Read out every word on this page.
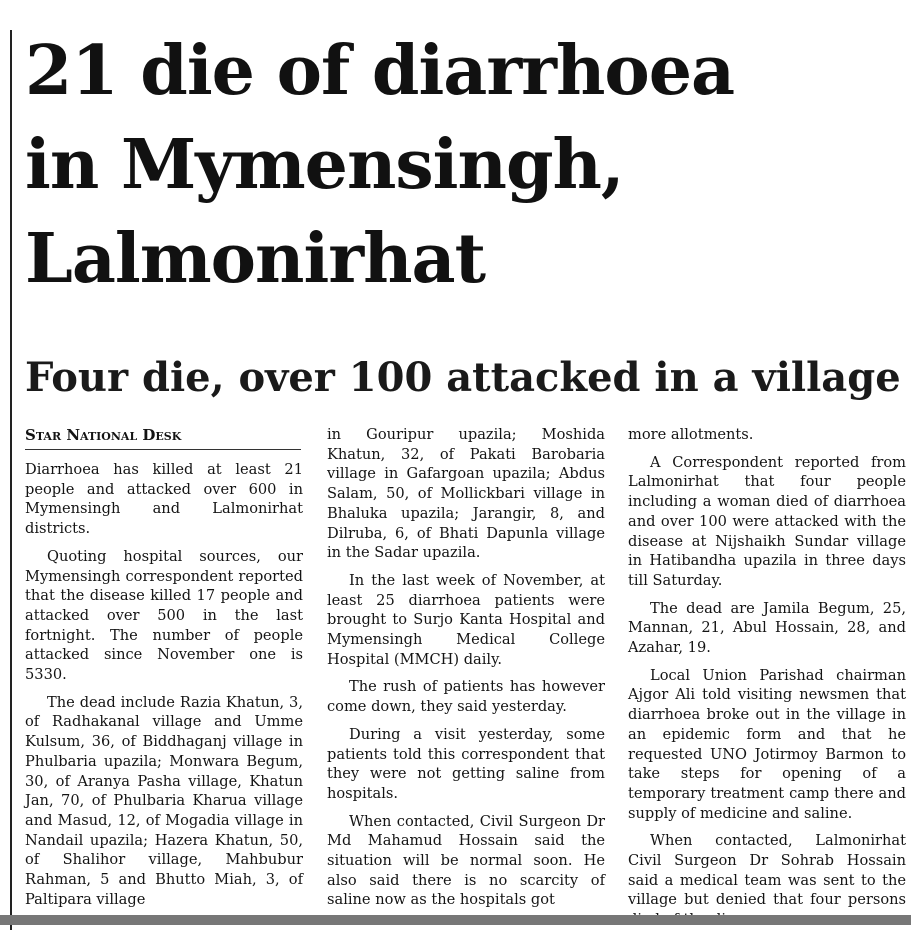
21 die of diarrhoea
in Mymensingh,
Lalmonirhat
Four die, over 100 attacked in a village
Star National Desk

Diarrhoea has killed at least 21 people and attacked over 600 in Mymensingh and Lalmonirhat districts.

Quoting hospital sources, our Mymensingh correspondent reported that the disease killed 17 people and attacked over 500 in the last fortnight. The number of people attacked since November one is 5330.

The dead include Razia Khatun, 3, of Radhakanal village and Umme Kulsum, 36, of Biddhaganj village in Phulbaria upazila; Monwara Begum, 30, of Aranya Pasha village, Khatun Jan, 70, of Phulbaria Kharua village and Masud, 12, of Mogadia village in Nandail upazila; Hazera Khatun, 50, of Shalihor village, Mahbubur Rahman, 5 and Bhutto Miah, 3, of Paltipara village

in Gouripur upazila; Moshida Khatun, 32, of Pakati Barobaria village in Gafargoan upazila; Abdus Salam, 50, of Mollickbari village in Bhaluka upazila; Jarangir, 8, and Dilruba, 6, of Bhati Dapunla village in the Sadar upazila.

In the last week of November, at least 25 diarrhoea patients were brought to Surjo Kanta Hospital and Mymensingh Medical College Hospital (MMCH) daily.

The rush of patients has however come down, they said yesterday.

During a visit yesterday, some patients told this correspondent that they were not getting saline from hospitals.

When contacted, Civil Surgeon Dr Md Mahamud Hossain said the situation will be normal soon. He also said there is no scarcity of saline now as the hospitals got

more allotments.

A Correspondent reported from Lalmonirhat that four people including a woman died of diarrhoea and over 100 were attacked with the disease at Nijshaikh Sundar village in Hatibandha upazila in three days till Saturday.

The dead are Jamila Begum, 25, Mannan, 21, Abul Hossain, 28, and Azahar, 19.

Local Union Parishad chairman Ajgor Ali told visiting newsmen that diarrhoea broke out in the village in an epidemic form and that he requested UNO Jotirmoy Barmon to take steps for opening of a temporary treatment camp there and supply of medicine and saline.

When contacted, Lalmonirhat Civil Surgeon Dr Sohrab Hossain said a medical team was sent to the village but denied that four persons
